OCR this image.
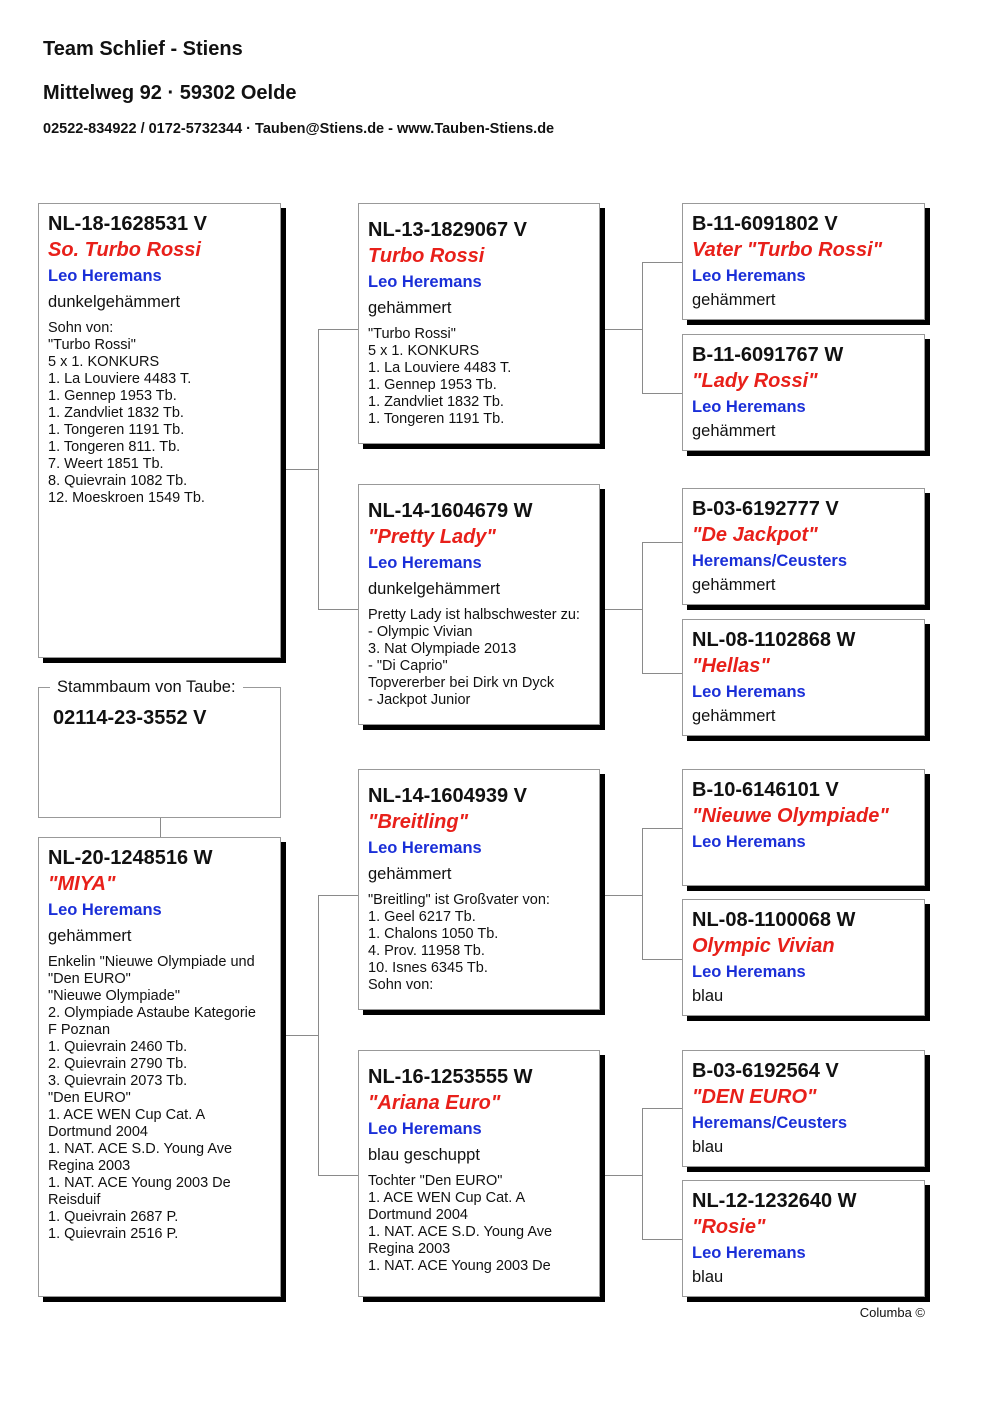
Team Schlief - Stiens
Mittelweg 92 · 59302 Oelde
02522-834922 / 0172-5732344 · Tauben@Stiens.de - www.Tauben-Stiens.de
NL-18-1628531 V
So. Turbo Rossi
Leo Heremans
dunkelgehämmert
Sohn von:
"Turbo Rossi"
5 x 1. KONKURS
1. La Louviere 4483 T.
1. Gennep 1953 Tb.
1. Zandvliet 1832 Tb.
1. Tongeren 1191 Tb.
1. Tongeren 811. Tb.
7. Weert 1851 Tb.
8. Quievrain 1082 Tb.
12. Moeskroen 1549 Tb.
Stammbaum von Taube:
02114-23-3552 V
NL-20-1248516 W
"MIYA"
Leo Heremans
gehämmert
Enkelin "Nieuwe Olympiade und
"Den EURO"
"Nieuwe Olympiade"
2. Olympiade Astaube Kategorie
F Poznan
1. Quievrain 2460 Tb.
2. Quievrain 2790 Tb.
3. Quievrain 2073 Tb.
"Den EURO"
1. ACE WEN Cup Cat. A
Dortmund 2004
1. NAT. ACE S.D. Young Ave
Regina 2003
1. NAT. ACE Young 2003 De
Reisduif
1. Queivrain 2687 P.
1. Quievrain 2516 P.
NL-13-1829067 V
Turbo Rossi
Leo Heremans
gehämmert
"Turbo Rossi"
5 x 1. KONKURS
1. La Louviere 4483 T.
1. Gennep 1953 Tb.
1. Zandvliet 1832 Tb.
1. Tongeren 1191 Tb.
NL-14-1604679 W
"Pretty Lady"
Leo Heremans
dunkelgehämmert
Pretty Lady ist halbschwester zu:
- Olympic Vivian
3. Nat Olympiade 2013
- "Di Caprio"
Topvererber bei Dirk vn Dyck
- Jackpot Junior
NL-14-1604939 V
"Breitling"
Leo Heremans
gehämmert
"Breitling" ist Großvater von:
1. Geel 6217 Tb.
1. Chalons 1050 Tb.
4. Prov. 11958 Tb.
10. Isnes 6345 Tb.
Sohn von:
NL-16-1253555 W
"Ariana Euro"
Leo Heremans
blau geschuppt
Tochter "Den EURO"
1. ACE WEN Cup Cat. A
Dortmund 2004
1. NAT. ACE S.D. Young Ave
Regina 2003
1. NAT. ACE Young 2003 De
B-11-6091802 V
Vater "Turbo Rossi"
Leo Heremans
gehämmert
B-11-6091767 W
"Lady Rossi"
Leo Heremans
gehämmert
B-03-6192777 V
"De Jackpot"
Heremans/Ceusters
gehämmert
NL-08-1102868 W
"Hellas"
Leo Heremans
gehämmert
B-10-6146101 V
"Nieuwe Olympiade"
Leo Heremans
NL-08-1100068 W
Olympic Vivian
Leo Heremans
blau
B-03-6192564 V
"DEN EURO"
Heremans/Ceusters
blau
NL-12-1232640 W
"Rosie"
Leo Heremans
blau
Columba ©
